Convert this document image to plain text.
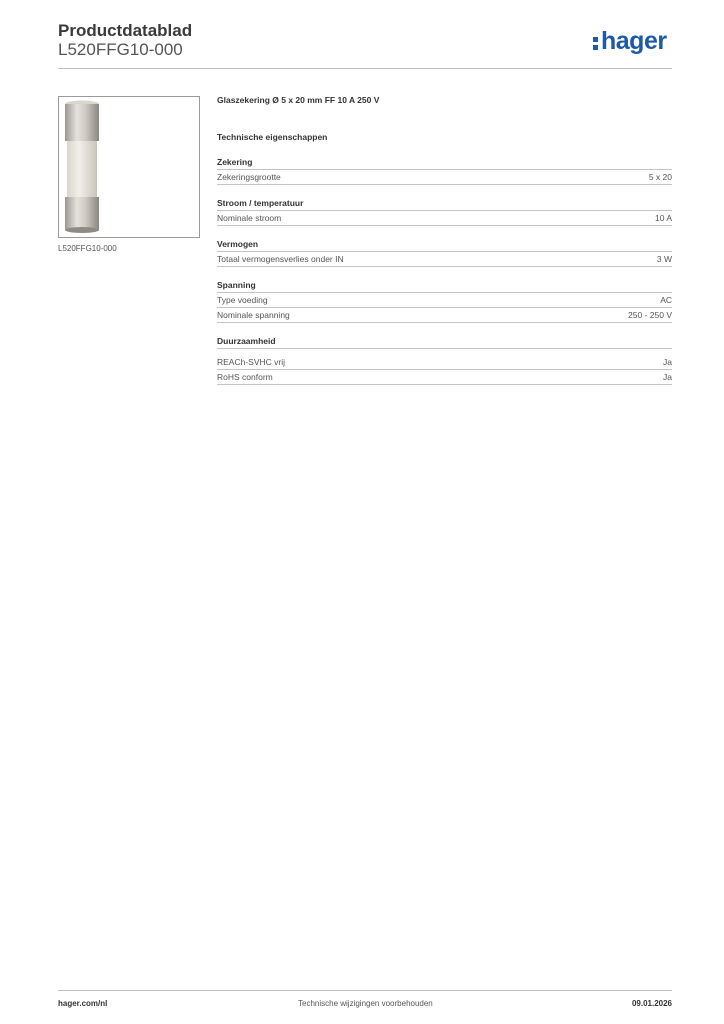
Productdatablad
L520FFG10-000	hager
L520FFG10-000
Glaszekering Ø 5 x 20 mm FF 10 A 250 V
Technische eigenschappen
Zekering
Zekeringsgrootte	5 x 20
Stroom / temperatuur
Nominale stroom	10 A
Vermogen
Totaal vermogensverlies onder IN	3 W
Spanning
Type voeding	AC
Nominale spanning	250 - 250 V
Duurzaamheid
REACh-SVHC vrij	Ja
RoHS conform	Ja
hager.com/nl	Technische wijzigingen voorbehouden	09.01.2026
